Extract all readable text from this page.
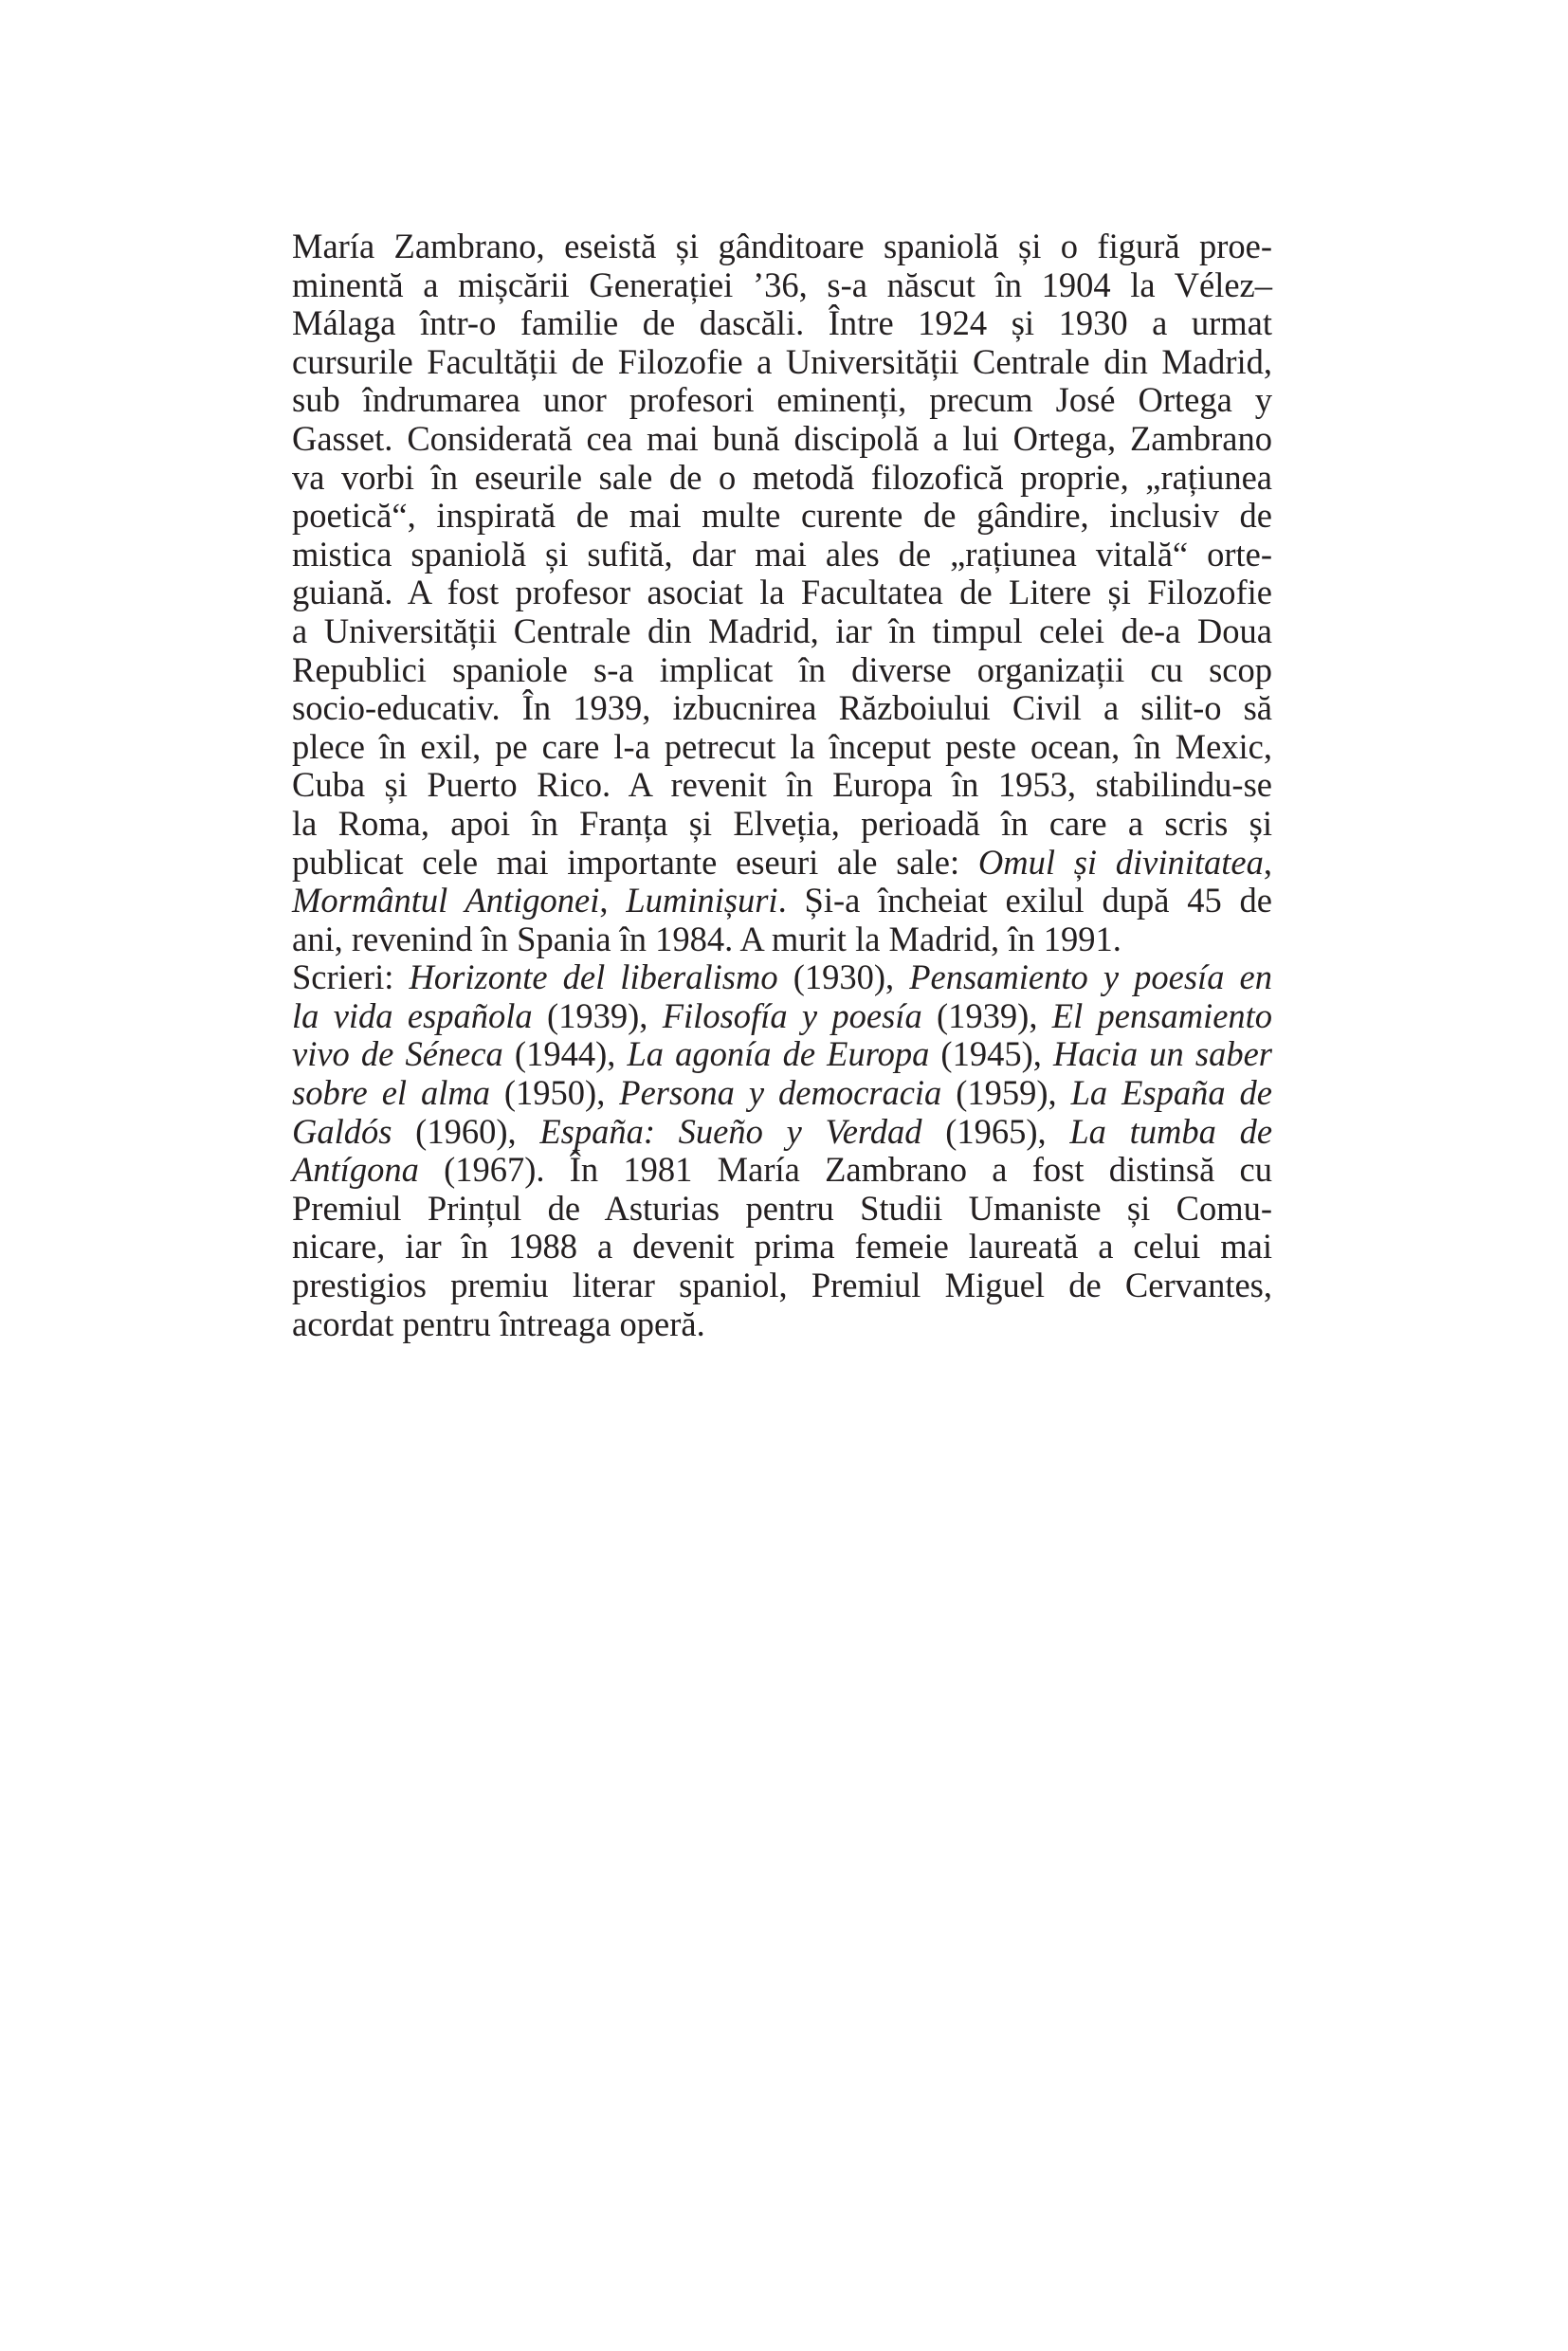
María Zambrano, eseistă și gânditoare spaniolă și o figură proe-
minentă a mișcării Generației ’36, s-a născut în 1904 la Vélez–
Málaga într-o familie de dascăli. Între 1924 și 1930 a urmat
cursurile Facultății de Filozofie a Universității Centrale din Madrid,
sub îndrumarea unor profesori eminenți, precum José Ortega y
Gasset. Considerată cea mai bună discipolă a lui Ortega, Zambrano
va vorbi în eseurile sale de o metodă filozofică proprie, „rațiunea
poetică“, inspirată de mai multe curente de gândire, inclusiv de
mistica spaniolă și sufită, dar mai ales de „rațiunea vitală“ orte-
guiană. A fost profesor asociat la Facultatea de Litere și Filozofie
a Universității Centrale din Madrid, iar în timpul celei de-a Doua
Republici spaniole s-a implicat în diverse organizații cu scop
socio-educativ. În 1939, izbucnirea Războiului Civil a silit-o să
plece în exil, pe care l-a petrecut la început peste ocean, în Mexic,
Cuba și Puerto Rico. A revenit în Europa în 1953, stabilindu-se
la Roma, apoi în Franța și Elveția, perioadă în care a scris și
publicat cele mai importante eseuri ale sale: Omul și divinitatea,
Mormântul Antigonei, Luminișuri. Și-a încheiat exilul după 45 de
ani, revenind în Spania în 1984. A murit la Madrid, în 1991.
Scrieri: Horizonte del liberalismo (1930), Pensamiento y poesía en
la vida española (1939), Filosofía y poesía (1939), El pensamiento
vivo de Séneca (1944), La agonía de Europa (1945), Hacia un saber
sobre el alma (1950), Persona y democracia (1959), La España de
Galdós (1960), España: Sueño y Verdad (1965), La tumba de
Antígona (1967). În 1981 María Zambrano a fost distinsă cu
Premiul Prințul de Asturias pentru Studii Umaniste și Comu-
nicare, iar în 1988 a devenit prima femeie laureată a celui mai
prestigios premiu literar spaniol, Premiul Miguel de Cervantes,
acordat pentru întreaga operă.
